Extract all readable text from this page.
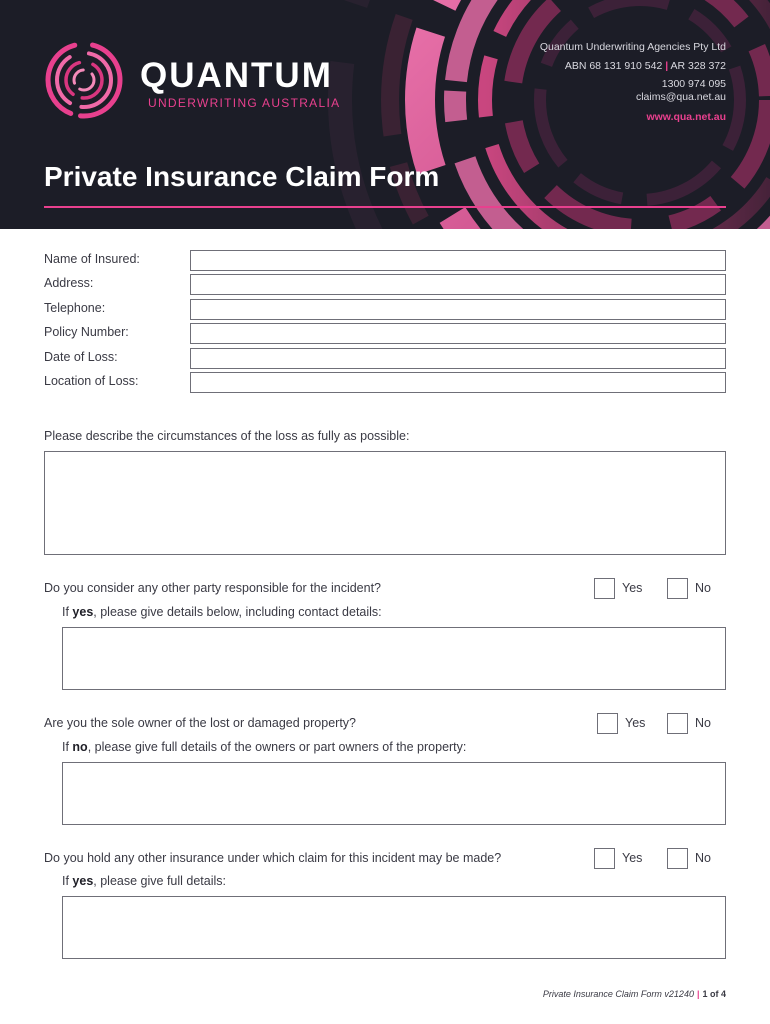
QUANTUM
UNDERWRITING AUSTRALIA
Quantum Underwriting Agencies Pty Ltd
ABN 68 131 910 542 | AR 328 372
1300 974 095
claims@qua.net.au
www.qua.net.au
Private Insurance Claim Form
Name of Insured:
Address:
Telephone:
Policy Number:
Date of Loss:
Location of Loss:
Please describe the circumstances of the loss as fully as possible:
Do you consider any other party responsible for the incident?	Yes	No
If yes, please give details below, including contact details:
Are you the sole owner of the lost or damaged property?	Yes	No
If no, please give full details of the owners or part owners of the property:
Do you hold any other insurance under which claim for this incident may be made?	Yes	No
If yes, please give full details:
Private Insurance Claim Form v21240 | 1 of 4
